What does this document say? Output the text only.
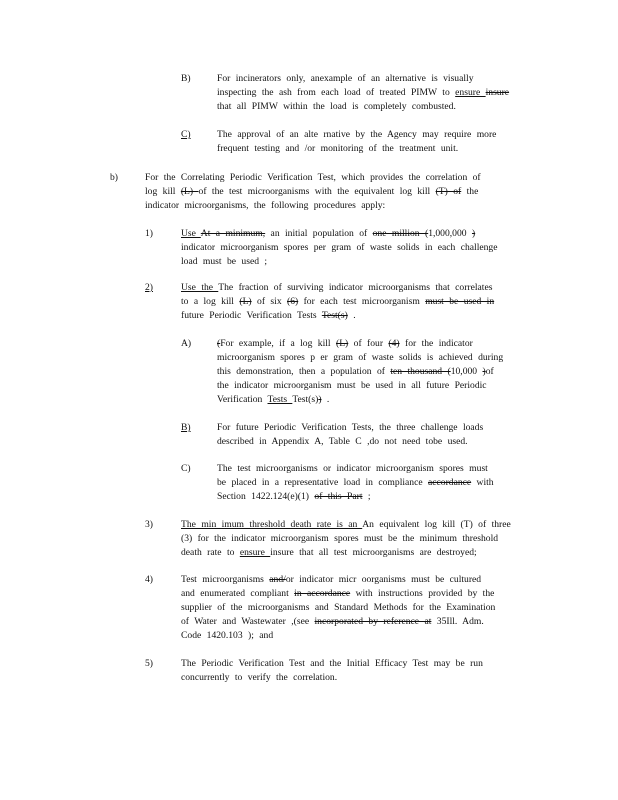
B)	For incinerators only, anexample of an alternative is visually
inspecting the ash from each load of treated PIMW to ensure insure
that all PIMW within the load is completely combusted.
C)	The approval of an alte rnative by the Agency may require more
frequent testing and /or monitoring of the treatment unit.
b)	For the Correlating Periodic Verification Test, which provides the correlation of
log kill (L) of the test microorganisms with the equivalent log kill (T) of the
indicator microorganisms, the following procedures apply:
1)	Use At a minimum, an initial population of one million (1,000,000 )
indicator microorganism spores per gram of waste solids in each challenge
load must be used ;
2)	Use the The fraction of surviving indicator microorganisms that correlates
to a log kill (L) of six (6) for each test microorganism must be used in
future Periodic Verification Tests Test(s) .
A)	(For example, if a log kill (L) of four (4) for the indicator
microorganism spores p er gram of waste solids is achieved during
this demonstration, then a population of ten thousand (10,000 )of
the indicator microorganism must be used in all future Periodic
Verification Tests Test(s)) .
B)	For future Periodic Verification Tests, the three challenge loads
described in Appendix A, Table C ,do not need tobe used.
C)	The test microorganisms or indicator microorganism spores must
be placed in a representative load in compliance accordance with
Section 1422.124(e)(1) of this Part ;
3)	The min imum threshold death rate is an An equivalent log kill (T) of three
(3) for the indicator microorganism spores must be the minimum threshold
death rate to ensure insure that all test microorganisms are destroyed;
4)	Test microorganisms and/or indicator micr oorganisms must be cultured
and enumerated compliant in accordance with instructions provided by the
supplier of the microorganisms and Standard Methods for the Examination
of Water and Wastewater ,(see incorporated by reference at 35Ill. Adm.
Code 1420.103 ); and
5)	The Periodic Verification Test and the Initial Efficacy Test may be run
concurrently to verify the correlation.
